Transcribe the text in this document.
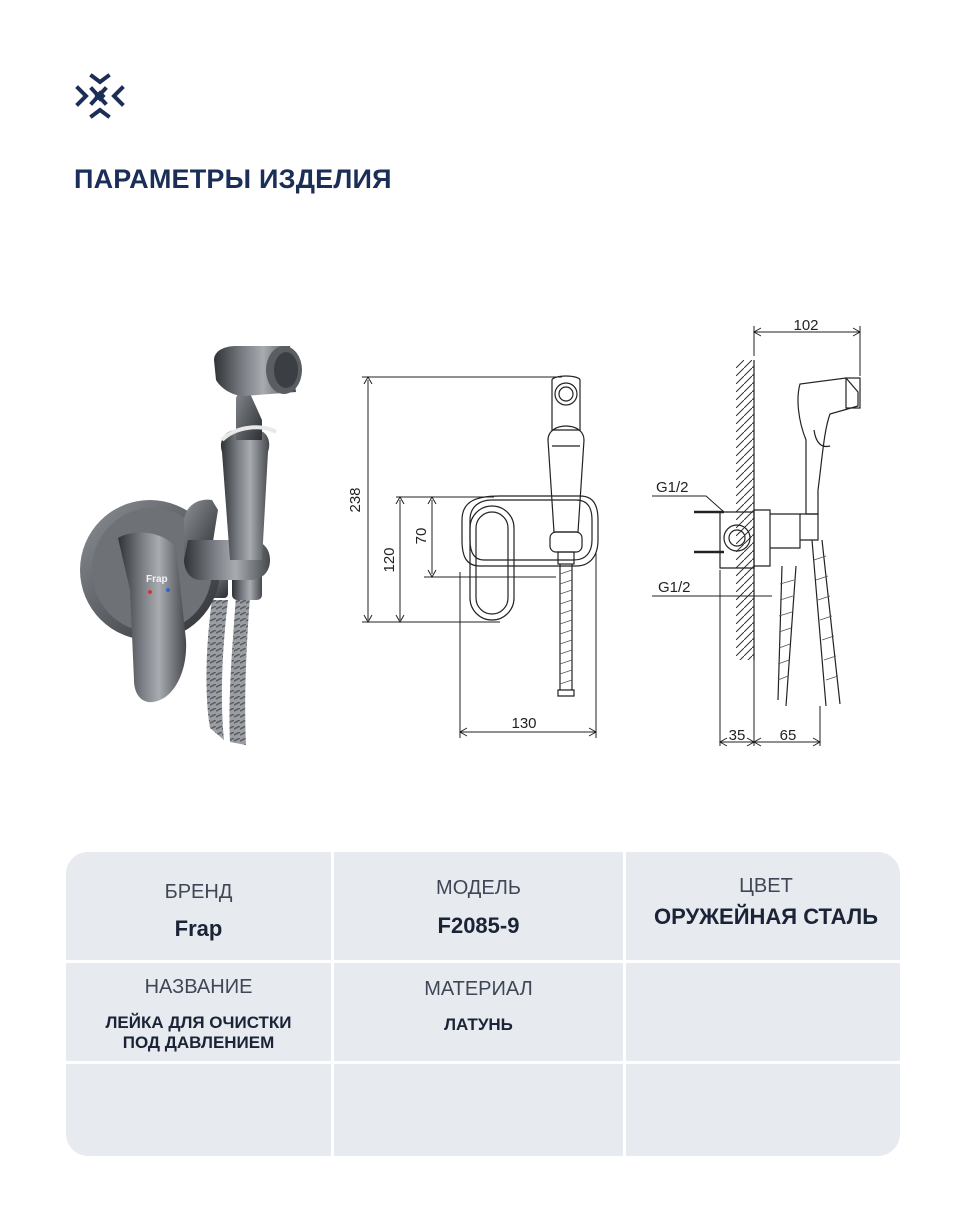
ПАРАМЕТРЫ ИЗДЕЛИЯ
Frap
238
120
70
130
102
G1/2
G1/2
35 65
БРЕНД
Frap
МОДЕЛЬ
F2085-9
ЦВЕТ
ОРУЖЕЙНАЯ СТАЛЬ
НАЗВАНИЕ
ЛЕЙКА ДЛЯ ОЧИСТКИ
ПОД ДАВЛЕНИЕМ
МАТЕРИАЛ
ЛАТУНЬ
